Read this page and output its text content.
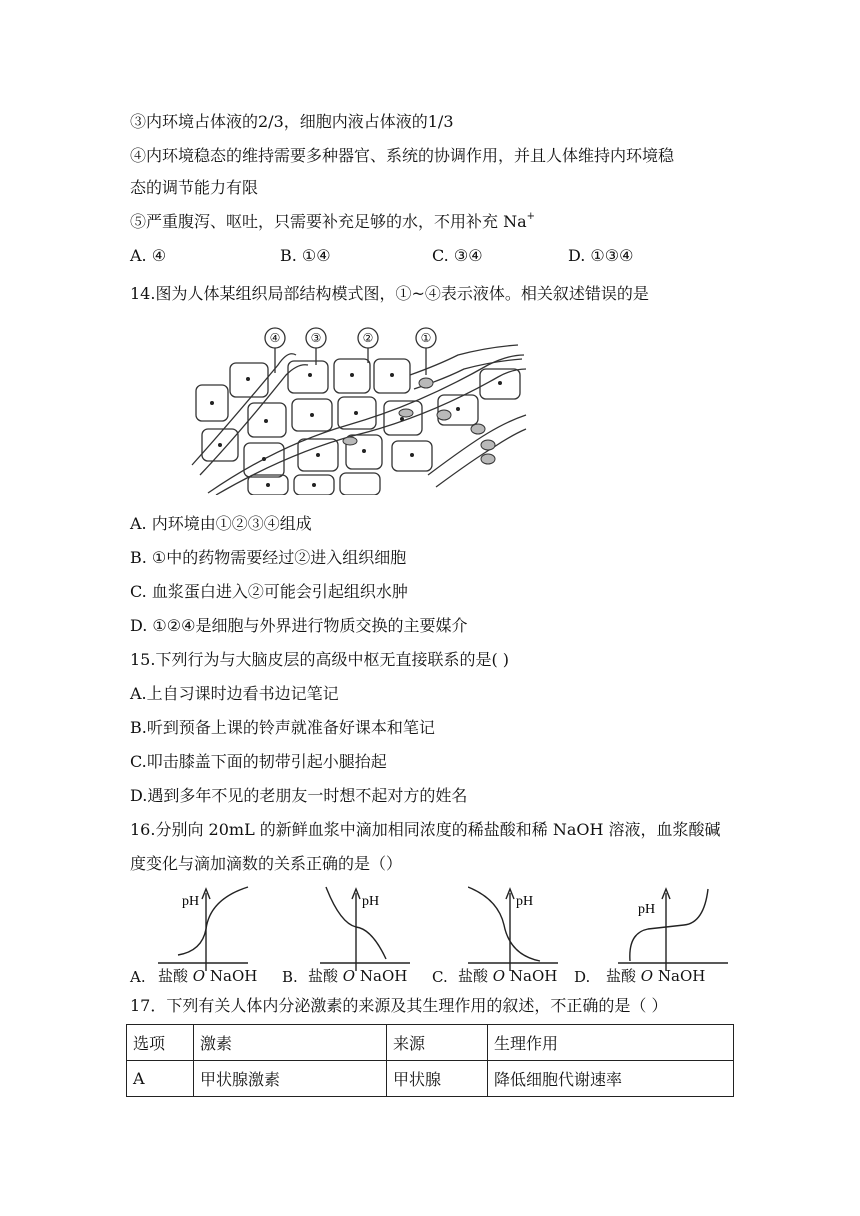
③内环境占体液的2/3，细胞内液占体液的1/3
④内环境稳态的维持需要多种器官、系统的协调作用，并且人体维持内环境稳
态的调节能力有限
⑤严重腹泻、呕吐，只需要补充足够的水，不用补充 Na+
A. ④	B. ①④	C. ③④	D. ①③④
14.图为人体某组织局部结构模式图，①~④表示液体。相关叙述错误的是
④	③	②	①
A. 内环境由①②③④组成
B. ①中的药物需要经过②进入组织细胞
C. 血浆蛋白进入②可能会引起组织水肿
D. ①②④是细胞与外界进行物质交换的主要媒介
15.下列行为与大脑皮层的高级中枢无直接联系的是( )
A.上自习课时边看书边记笔记
B.听到预备上课的铃声就准备好课本和笔记
C.叩击膝盖下面的韧带引起小腿抬起
D.遇到多年不见的老朋友一时想不起对方的姓名
16.分别向 20mL 的新鲜血浆中滴加相同浓度的稀盐酸和稀 NaOH 溶液，血浆酸碱
度变化与滴加滴数的关系正确的是（）
pH	pH	pH
pH
A. 盐酸 O NaOH B. 盐酸 O NaOH C. 盐酸 O NaOH D. 盐酸 O NaOH
17．下列有关人体内分泌激素的来源及其生理作用的叙述，不正确的是（ ）
选项	激素	来源	生理作用
A	甲状腺激素	甲状腺	降低细胞代谢速率
